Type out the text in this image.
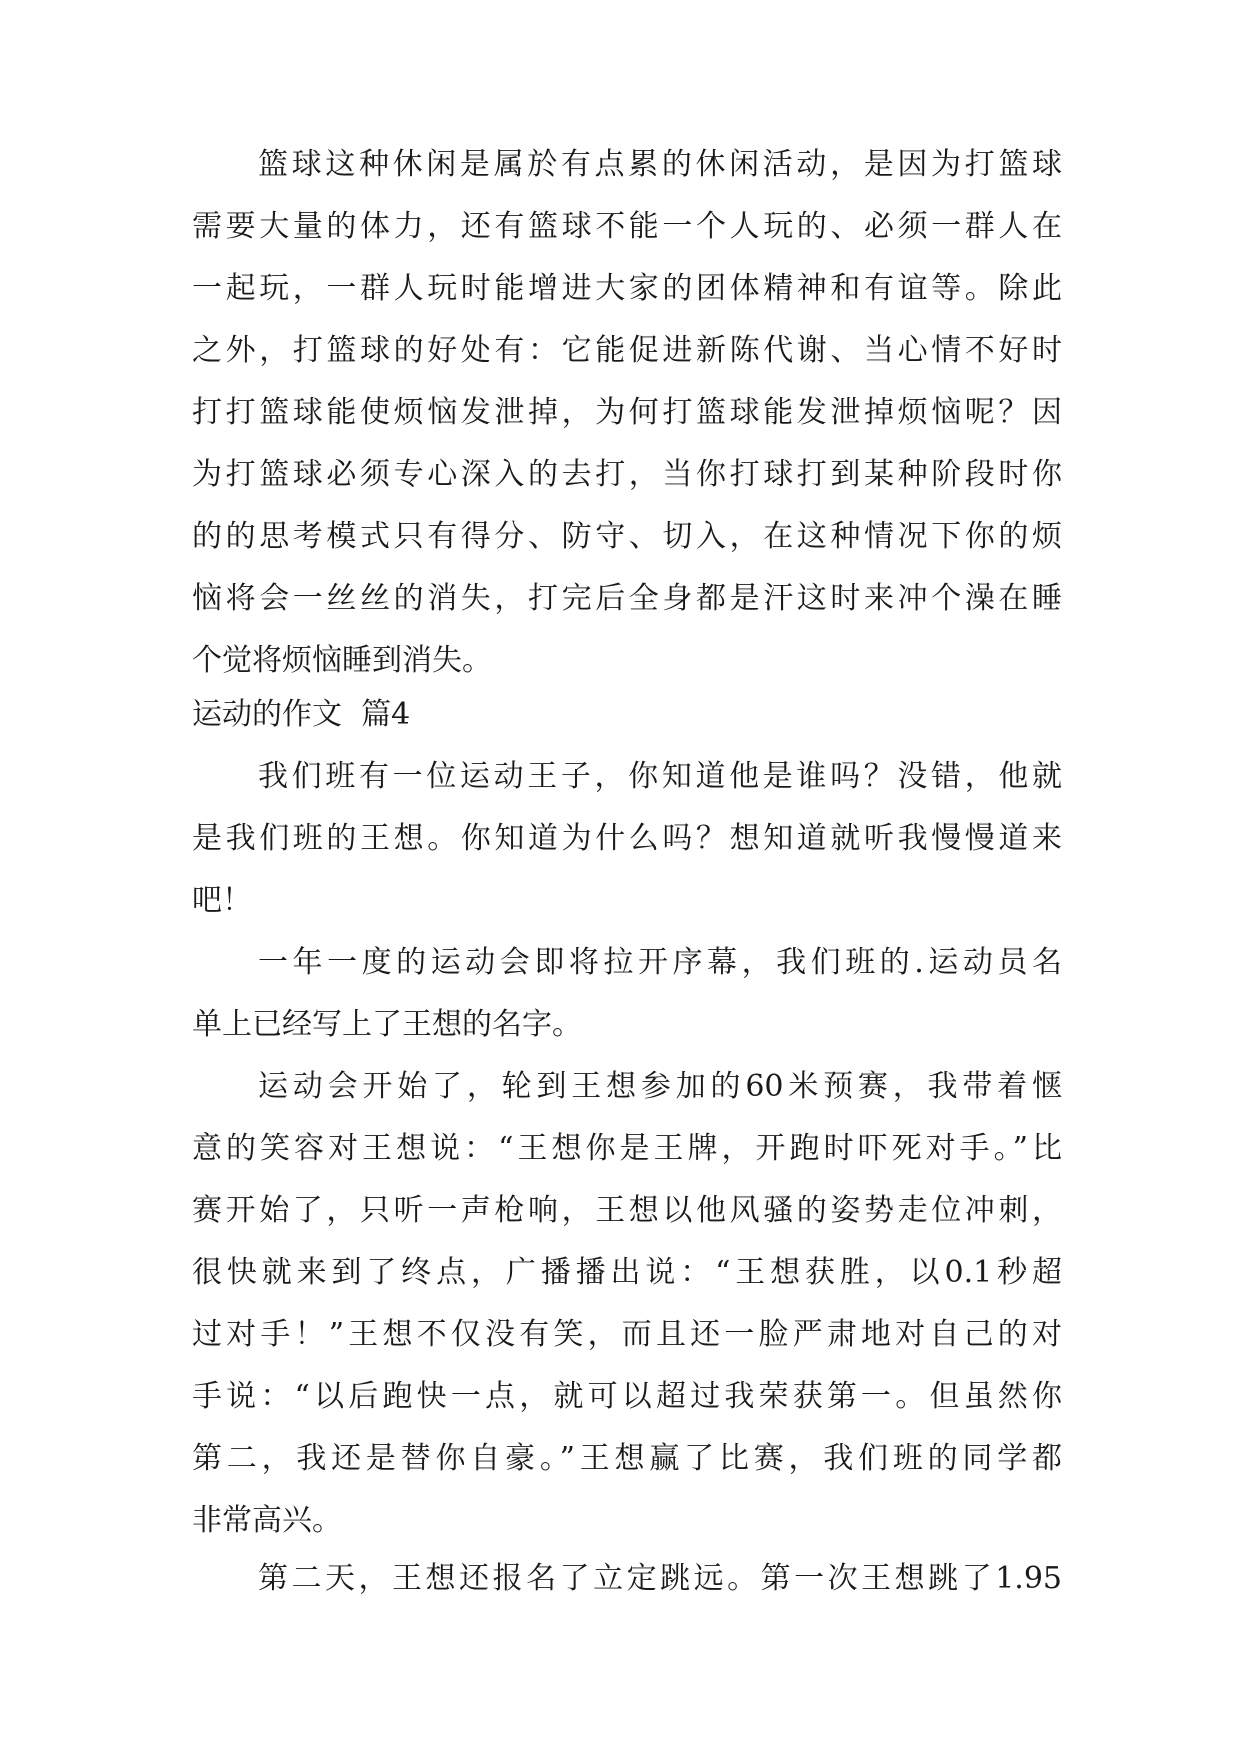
篮球这种休闲是属於有点累的休闲活动，是因为打篮球
需要大量的体力，还有篮球不能一个人玩的、必须一群人在
一起玩，一群人玩时能增进大家的团体精神和有谊等。除此
之外，打篮球的好处有：它能促进新陈代谢、当心情不好时
打打篮球能使烦恼发泄掉，为何打篮球能发泄掉烦恼呢？因
为打篮球必须专心深入的去打，当你打球打到某种阶段时你
的的思考模式只有得分、防守、切入，在这种情况下你的烦
恼将会一丝丝的消失，打完后全身都是汗这时来冲个澡在睡
个觉将烦恼睡到消失。
运动的作文  篇4
我们班有一位运动王子，你知道他是谁吗？没错，他就
是我们班的王想。你知道为什么吗？想知道就听我慢慢道来
吧！
一年一度的运动会即将拉开序幕，我们班的.运动员名
单上已经写上了王想的名字。
运动会开始了，轮到王想参加的60米预赛，我带着惬
意的笑容对王想说：“王想你是王牌，开跑时吓死对手。”比
赛开始了，只听一声枪响，王想以他风骚的姿势走位冲刺，
很快就来到了终点，广播播出说：“王想获胜，以0.1秒超
过对手！”王想不仅没有笑，而且还一脸严肃地对自己的对
手说：“以后跑快一点，就可以超过我荣获第一。但虽然你
第二，我还是替你自豪。”王想赢了比赛，我们班的同学都
非常高兴。
第二天，王想还报名了立定跳远。第一次王想跳了1.95
